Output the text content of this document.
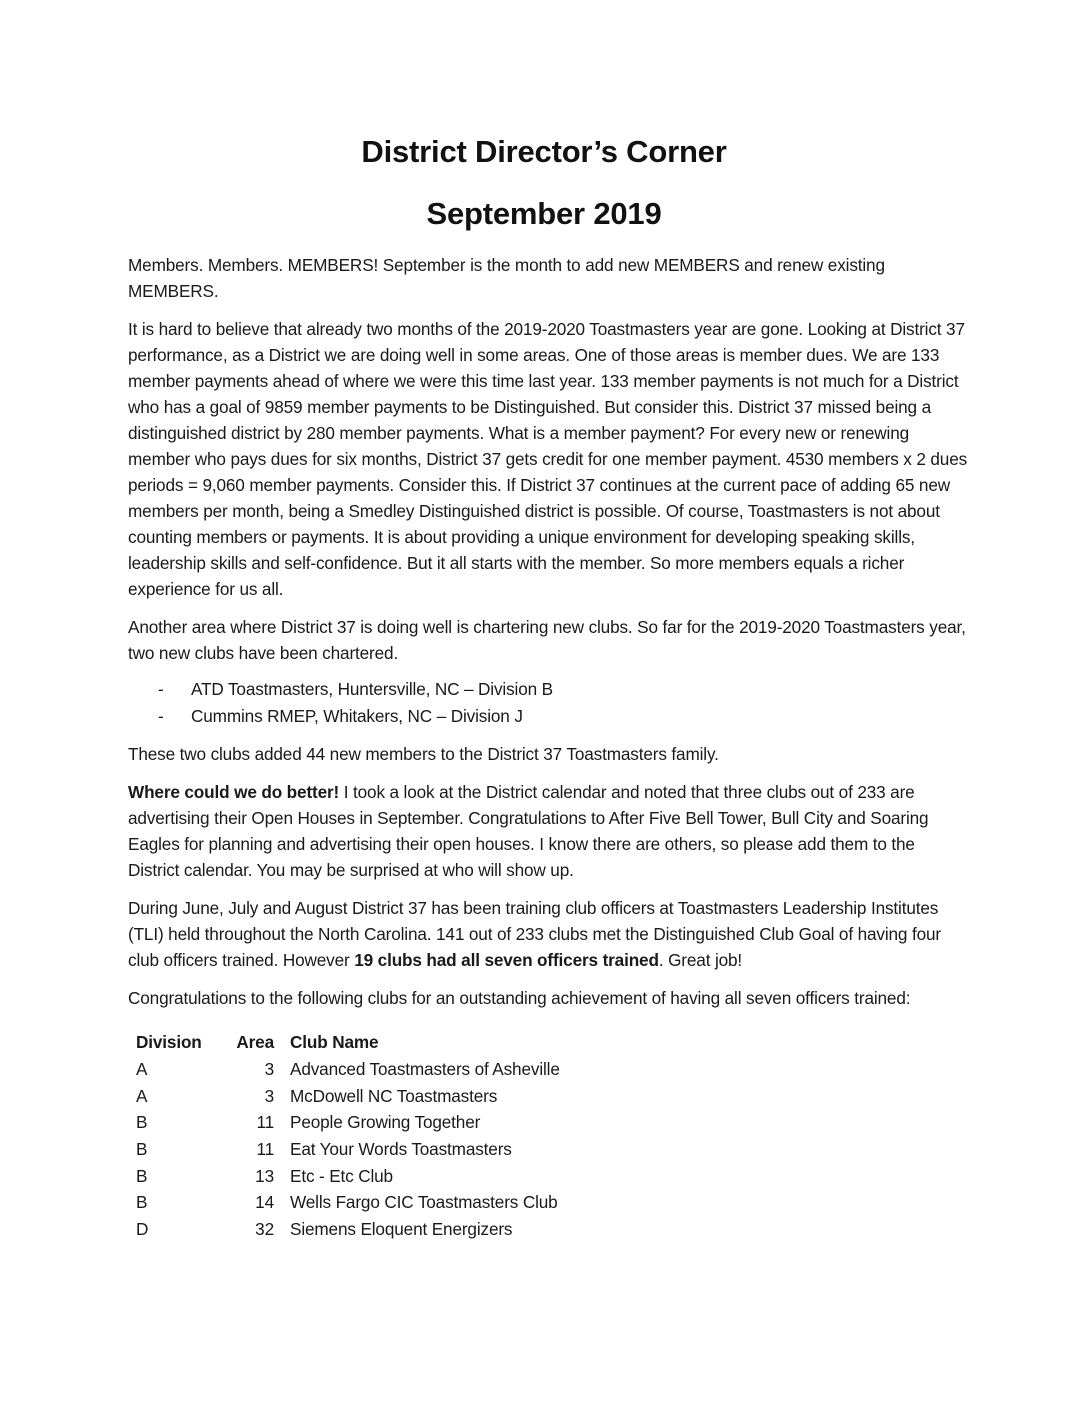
District Director’s Corner
September 2019

Members. Members. MEMBERS! September is the month to add new MEMBERS and renew existing MEMBERS.

It is hard to believe that already two months of the 2019-2020 Toastmasters year are gone. Looking at District 37 performance, as a District we are doing well in some areas. One of those areas is member dues. We are 133 member payments ahead of where we were this time last year. 133 member payments is not much for a District who has a goal of 9859 member payments to be Distinguished. But consider this. District 37 missed being a distinguished district by 280 member payments. What is a member payment? For every new or renewing member who pays dues for six months, District 37 gets credit for one member payment. 4530 members x 2 dues periods = 9,060 member payments. Consider this. If District 37 continues at the current pace of adding 65 new members per month, being a Smedley Distinguished district is possible. Of course, Toastmasters is not about counting members or payments. It is about providing a unique environment for developing speaking skills, leadership skills and self-confidence. But it all starts with the member. So more members equals a richer experience for us all.

Another area where District 37 is doing well is chartering new clubs. So far for the 2019-2020 Toastmasters year, two new clubs have been chartered.

- ATD Toastmasters, Huntersville, NC – Division B
- Cummins RMEP, Whitakers, NC – Division J

These two clubs added 44 new members to the District 37 Toastmasters family.

Where could we do better! I took a look at the District calendar and noted that three clubs out of 233 are advertising their Open Houses in September. Congratulations to After Five Bell Tower, Bull City and Soaring Eagles for planning and advertising their open houses. I know there are others, so please add them to the District calendar. You may be surprised at who will show up.

During June, July and August District 37 has been training club officers at Toastmasters Leadership Institutes (TLI) held throughout the North Carolina. 141 out of 233 clubs met the Distinguished Club Goal of having four club officers trained. However 19 clubs had all seven officers trained. Great job!

Congratulations to the following clubs for an outstanding achievement of having all seven officers trained:

Division	Area	Club Name
A	3	Advanced Toastmasters of Asheville
A	3	McDowell NC Toastmasters
B	11	People Growing Together
B	11	Eat Your Words Toastmasters
B	13	Etc - Etc Club
B	14	Wells Fargo CIC Toastmasters Club
D	32	Siemens Eloquent Energizers
